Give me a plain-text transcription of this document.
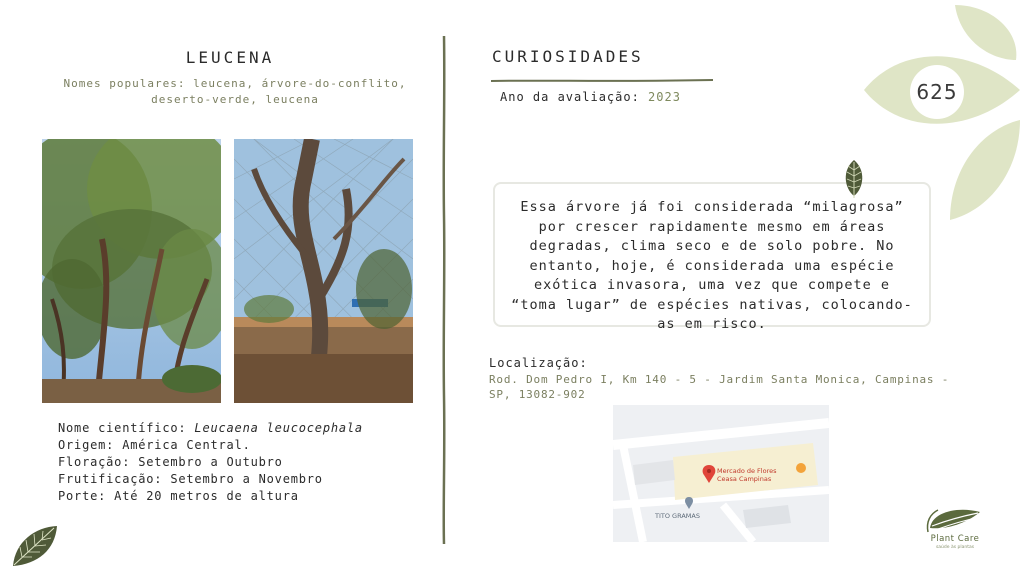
LEUCENA
Nomes populares: leucena, árvore-do-conflito, deserto-verde, leucena
Nome científico: Leucaena leucocephala
Origem: América Central.
Floração: Setembro a Outubro
Frutificação: Setembro a Novembro
Porte: Até 20 metros de altura
CURIOSIDADES
Ano da avaliação: 2023
Essa árvore já foi considerada “milagrosa” por crescer rapidamente mesmo em áreas degradas, clima seco e de solo pobre. No entanto, hoje, é considerada uma espécie exótica invasora, uma vez que compete e “toma lugar” de espécies nativas, colocando-as em risco.
Localização:
Rod. Dom Pedro I, Km 140 - 5 - Jardim Santa Monica, Campinas - SP, 13082-902
Mercado de Flores
Ceasa Campinas
TITO GRAMAS
625
Plant Care
saúde às plantas
